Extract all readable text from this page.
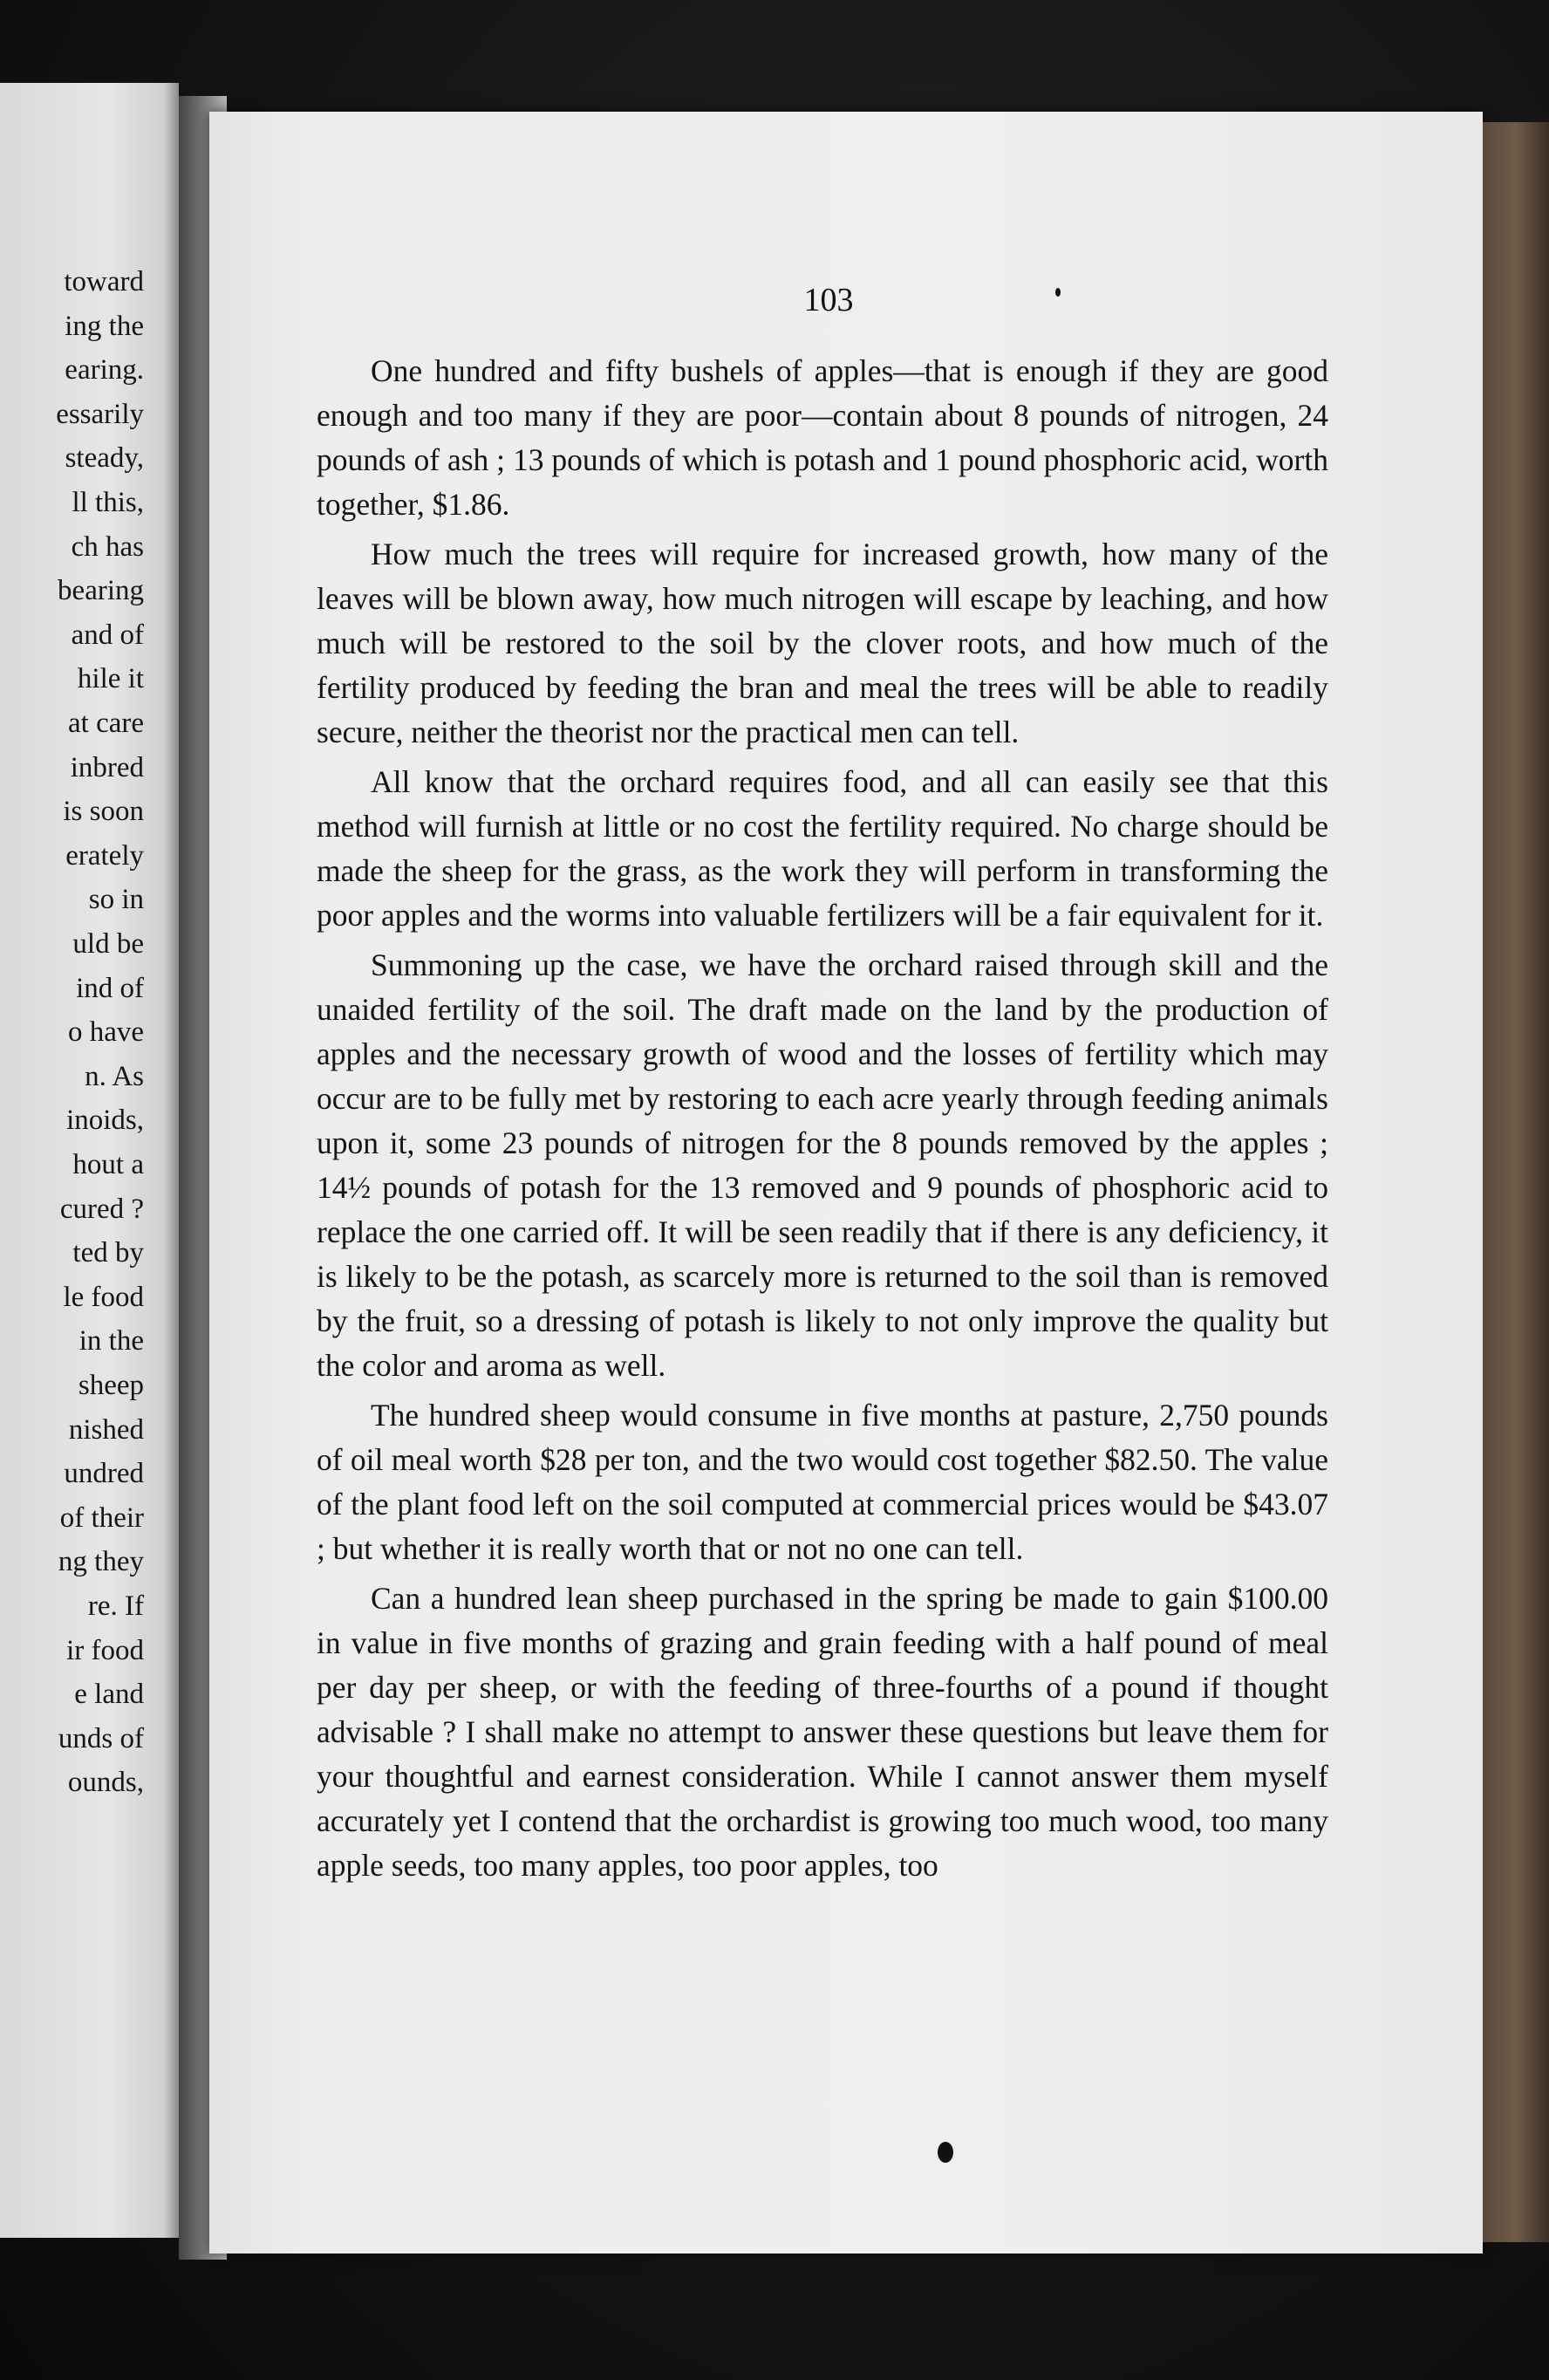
toward
ing the
earing.
essarily
steady,
ll this,
ch has
bearing
and of
hile it
at care
inbred
is soon
erately
so in
uld be
ind of
o have
n. As
inoids,
hout a
cured ?
ted by
le food
in the
sheep
nished
undred
of their
ng they
re. If
ir food
e land
unds of
ounds,
103

One hundred and fifty bushels of apples—that is enough if they are good enough and too many if they are poor—contain about 8 pounds of nitrogen, 24 pounds of ash ; 13 pounds of which is potash and 1 pound phosphoric acid, worth together, $1.86.

How much the trees will require for increased growth, how many of the leaves will be blown away, how much nitrogen will escape by leaching, and how much will be restored to the soil by the clover roots, and how much of the fertility produced by feeding the bran and meal the trees will be able to readily secure, neither the theorist nor the practical men can tell.

All know that the orchard requires food, and all can easily see that this method will furnish at little or no cost the fertility required. No charge should be made the sheep for the grass, as the work they will perform in transforming the poor apples and the worms into valuable fertilizers will be a fair equivalent for it.

Summoning up the case, we have the orchard raised through skill and the unaided fertility of the soil. The draft made on the land by the production of apples and the necessary growth of wood and the losses of fertility which may occur are to be fully met by restoring to each acre yearly through feeding animals upon it, some 23 pounds of nitrogen for the 8 pounds removed by the apples ; 14½ pounds of potash for the 13 removed and 9 pounds of phosphoric acid to replace the one carried off. It will be seen readily that if there is any deficiency, it is likely to be the potash, as scarcely more is returned to the soil than is removed by the fruit, so a dressing of potash is likely to not only improve the quality but the color and aroma as well.

The hundred sheep would consume in five months at pasture, 2,750 pounds of oil meal worth $28 per ton, and the two would cost together $82.50. The value of the plant food left on the soil computed at commercial prices would be $43.07 ; but whether it is really worth that or not no one can tell.

Can a hundred lean sheep purchased in the spring be made to gain $100.00 in value in five months of grazing and grain feeding with a half pound of meal per day per sheep, or with the feeding of three-fourths of a pound if thought advisable ? I shall make no attempt to answer these questions but leave them for your thoughtful and earnest consideration. While I cannot answer them myself accurately yet I contend that the orchardist is growing too much wood, too many apple seeds, too many apples, too poor apples, too
